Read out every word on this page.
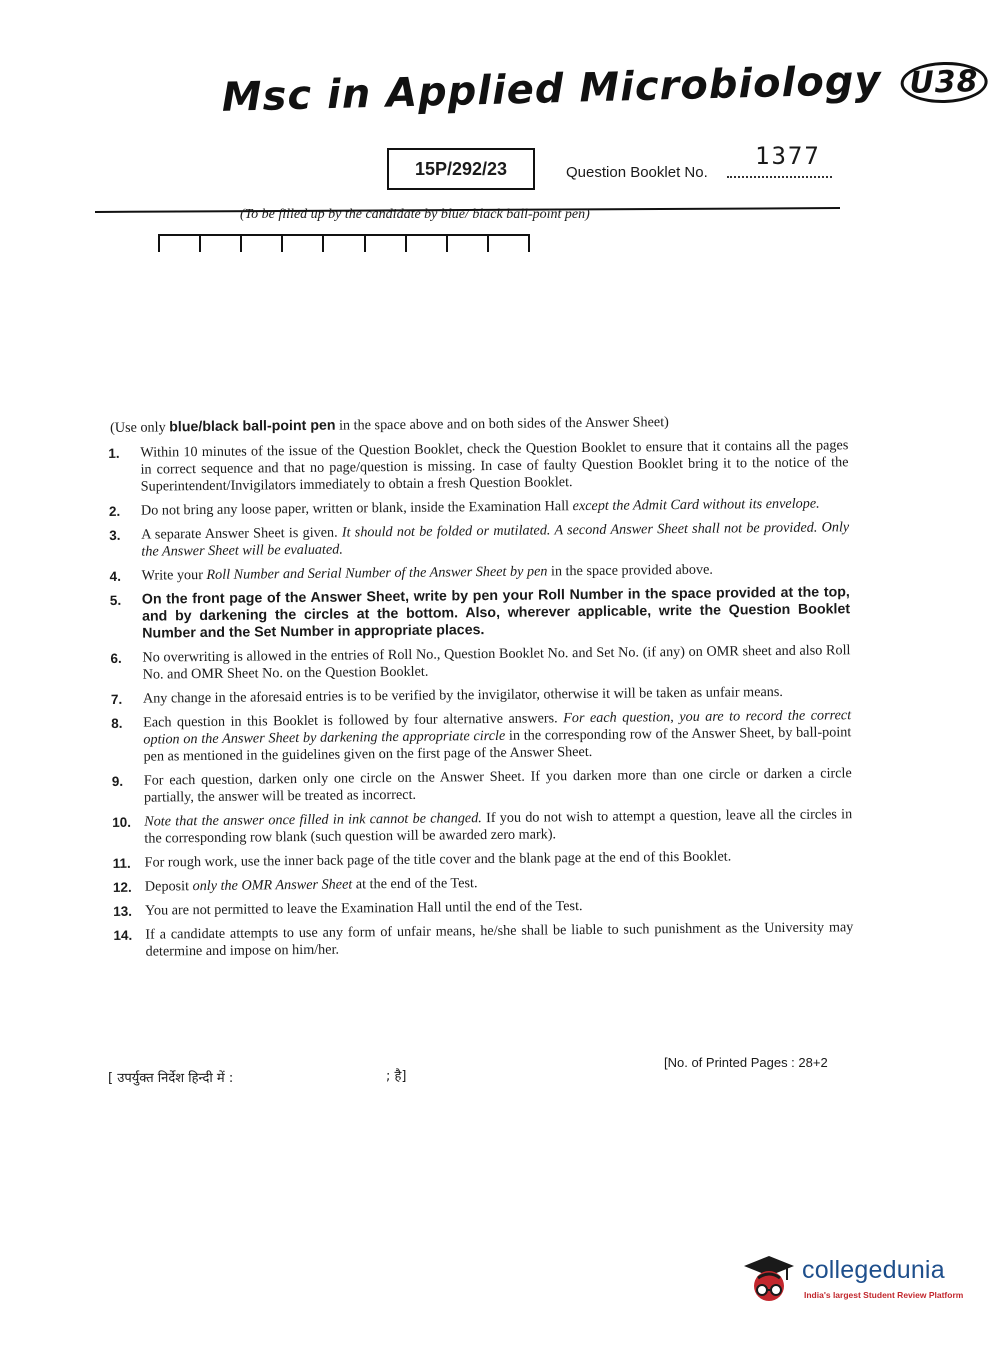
Msc in Applied Microbiology U38
15P/292/23	Question Booklet No.
1377
(To be filled up by the candidate by blue/ black ball-point pen)
(Use only blue/black ball-point pen in the space above and on both sides of the Answer Sheet)
1.	Within 10 minutes of the issue of the Question Booklet, check the Question Booklet to ensure that it contains all the pages in correct sequence and that no page/question is missing. In case of faulty Question Booklet bring it to the notice of the Superintendent/Invigilators immediately to obtain a fresh Question Booklet.
2.	Do not bring any loose paper, written or blank, inside the Examination Hall except the Admit Card without its envelope.
3.	A separate Answer Sheet is given. It should not be folded or mutilated. A second Answer Sheet shall not be provided. Only the Answer Sheet will be evaluated.
4.	Write your Roll Number and Serial Number of the Answer Sheet by pen in the space provided above.
5.	On the front page of the Answer Sheet, write by pen your Roll Number in the space provided at the top, and by darkening the circles at the bottom. Also, wherever applicable, write the Question Booklet Number and the Set Number in appropriate places.
6.	No overwriting is allowed in the entries of Roll No., Question Booklet No. and Set No. (if any) on OMR sheet and also Roll No. and OMR Sheet No. on the Question Booklet.
7.	Any change in the aforesaid entries is to be verified by the invigilator, otherwise it will be taken as unfair means.
8.	Each question in this Booklet is followed by four alternative answers. For each question, you are to record the correct option on the Answer Sheet by darkening the appropriate circle in the corresponding row of the Answer Sheet, by ball-point pen as mentioned in the guidelines given on the first page of the Answer Sheet.
9.	For each question, darken only one circle on the Answer Sheet. If you darken more than one circle or darken a circle partially, the answer will be treated as incorrect.
10. Note that the answer once filled in ink cannot be changed. If you do not wish to attempt a question, leave all the circles in the corresponding row blank (such question will be awarded zero mark).
11. For rough work, use the inner back page of the title cover and the blank page at the end of this Booklet.
12. Deposit only the OMR Answer Sheet at the end of the Test.
13. You are not permitted to leave the Examination Hall until the end of the Test.
14. If a candidate attempts to use any form of unfair means, he/she shall be liable to such punishment as the University may determine and impose on him/her.
[ उपर्युक्त निर्देश हिन्दी में :	; है]
[No. of Printed Pages : 28+2
collegedunia
India's largest Student Review Platform
